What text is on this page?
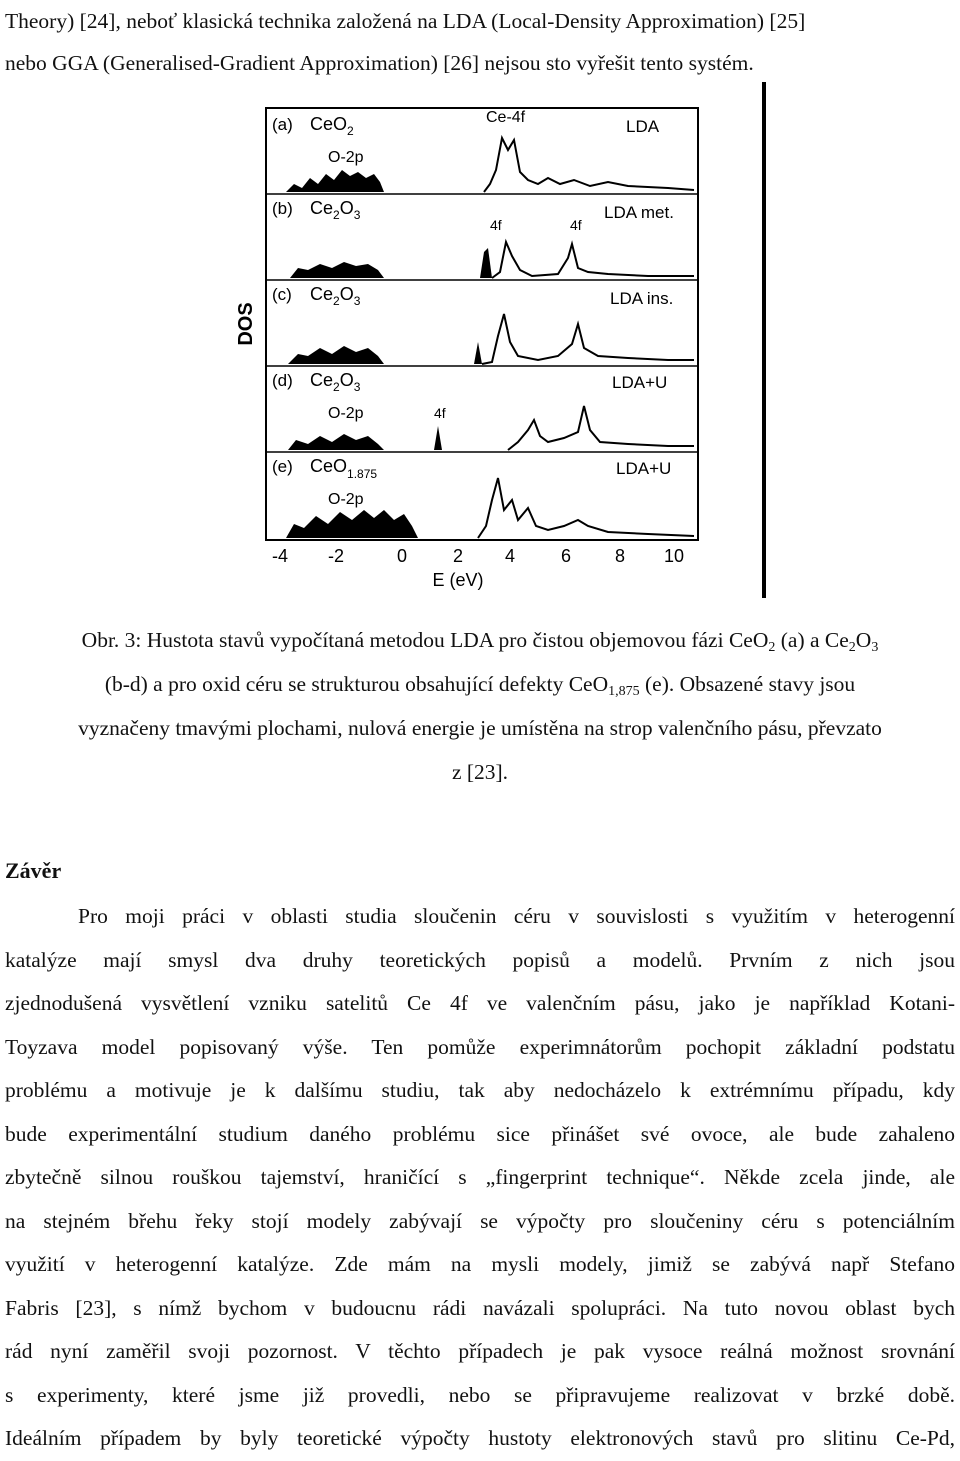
Theory) [24], neboť klasická technika založená na LDA (Local-Density Approximation) [25]
nebo GGA (Generalised-Gradient Approximation) [26] nejsou sto vyřešit tento systém.
DOS
(a) CeO$_2$
O-2p
Ce-4f	LDA
(b) $Ce_2O_3$
4f	4f
LDA met.
(c) $Ce_2O_3$	LDA ins.
(d) $Ce_2O_3$
O-2p	4f
LDA+U
(e) CeO$_{1.875}$
O-2p
LDA+U
-4 -2	0	2 4	6 8 10
E (eV)
Obr. 3: Hustota stavů vypočítaná metodou LDA pro čistou objemovou fázi CeO$_2$ (a) a $Ce_2O_3$
(b-d) a pro oxid céru se strukturou obsahující defekty CeO$_{1,875}$ (e). Obsazené stavy jsou
vyznačeny tmavými plochami, nulová energie je umístěna na strop valenčního pásu, převzato
z [23].
Závěr
Pro moji práci v oblasti studia sloučenin céru v souvislosti s využitím v heterogenní
katalýze mají smysl dva druhy teoretických popisů a modelů. Prvním z nich jsou
zjednodušená vysvětlení vzniku satelitů Ce 4f ve valenčním pásu, jako je například Kotani-
Toyzava model popisovaný výše. Ten pomůže experimnátorům pochopit základní podstatu
problému a motivuje je k dalšímu studiu, tak aby nedocházelo k extrémnímu případu, kdy
bude experimentální studium daného problému sice přinášet své ovoce, ale bude zahaleno
zbytečně silnou rouškou tajemství, hraničící s „fingerprint technique“. Někde zcela jinde, ale
na stejném břehu řeky stojí modely zabývají se výpočty pro sloučeniny céru s potenciálním
využití v heterogenní katalýze. Zde mám na mysli modely, jimiž se zabývá např Stefano
Fabris [23], s nímž bychom v budoucnu rádi navázali spolupráci. Na tuto novou oblast bych
rád nyní zaměřil svoji pozornost. V těchto případech je pak vysoce reálná možnost srovnání
s experimenty, které jsme již provedli, nebo se připravujeme realizovat v brzké době.
Ideálním případem by byly teoretické výpočty hustoty elektronových stavů pro slitinu Ce-Pd,
